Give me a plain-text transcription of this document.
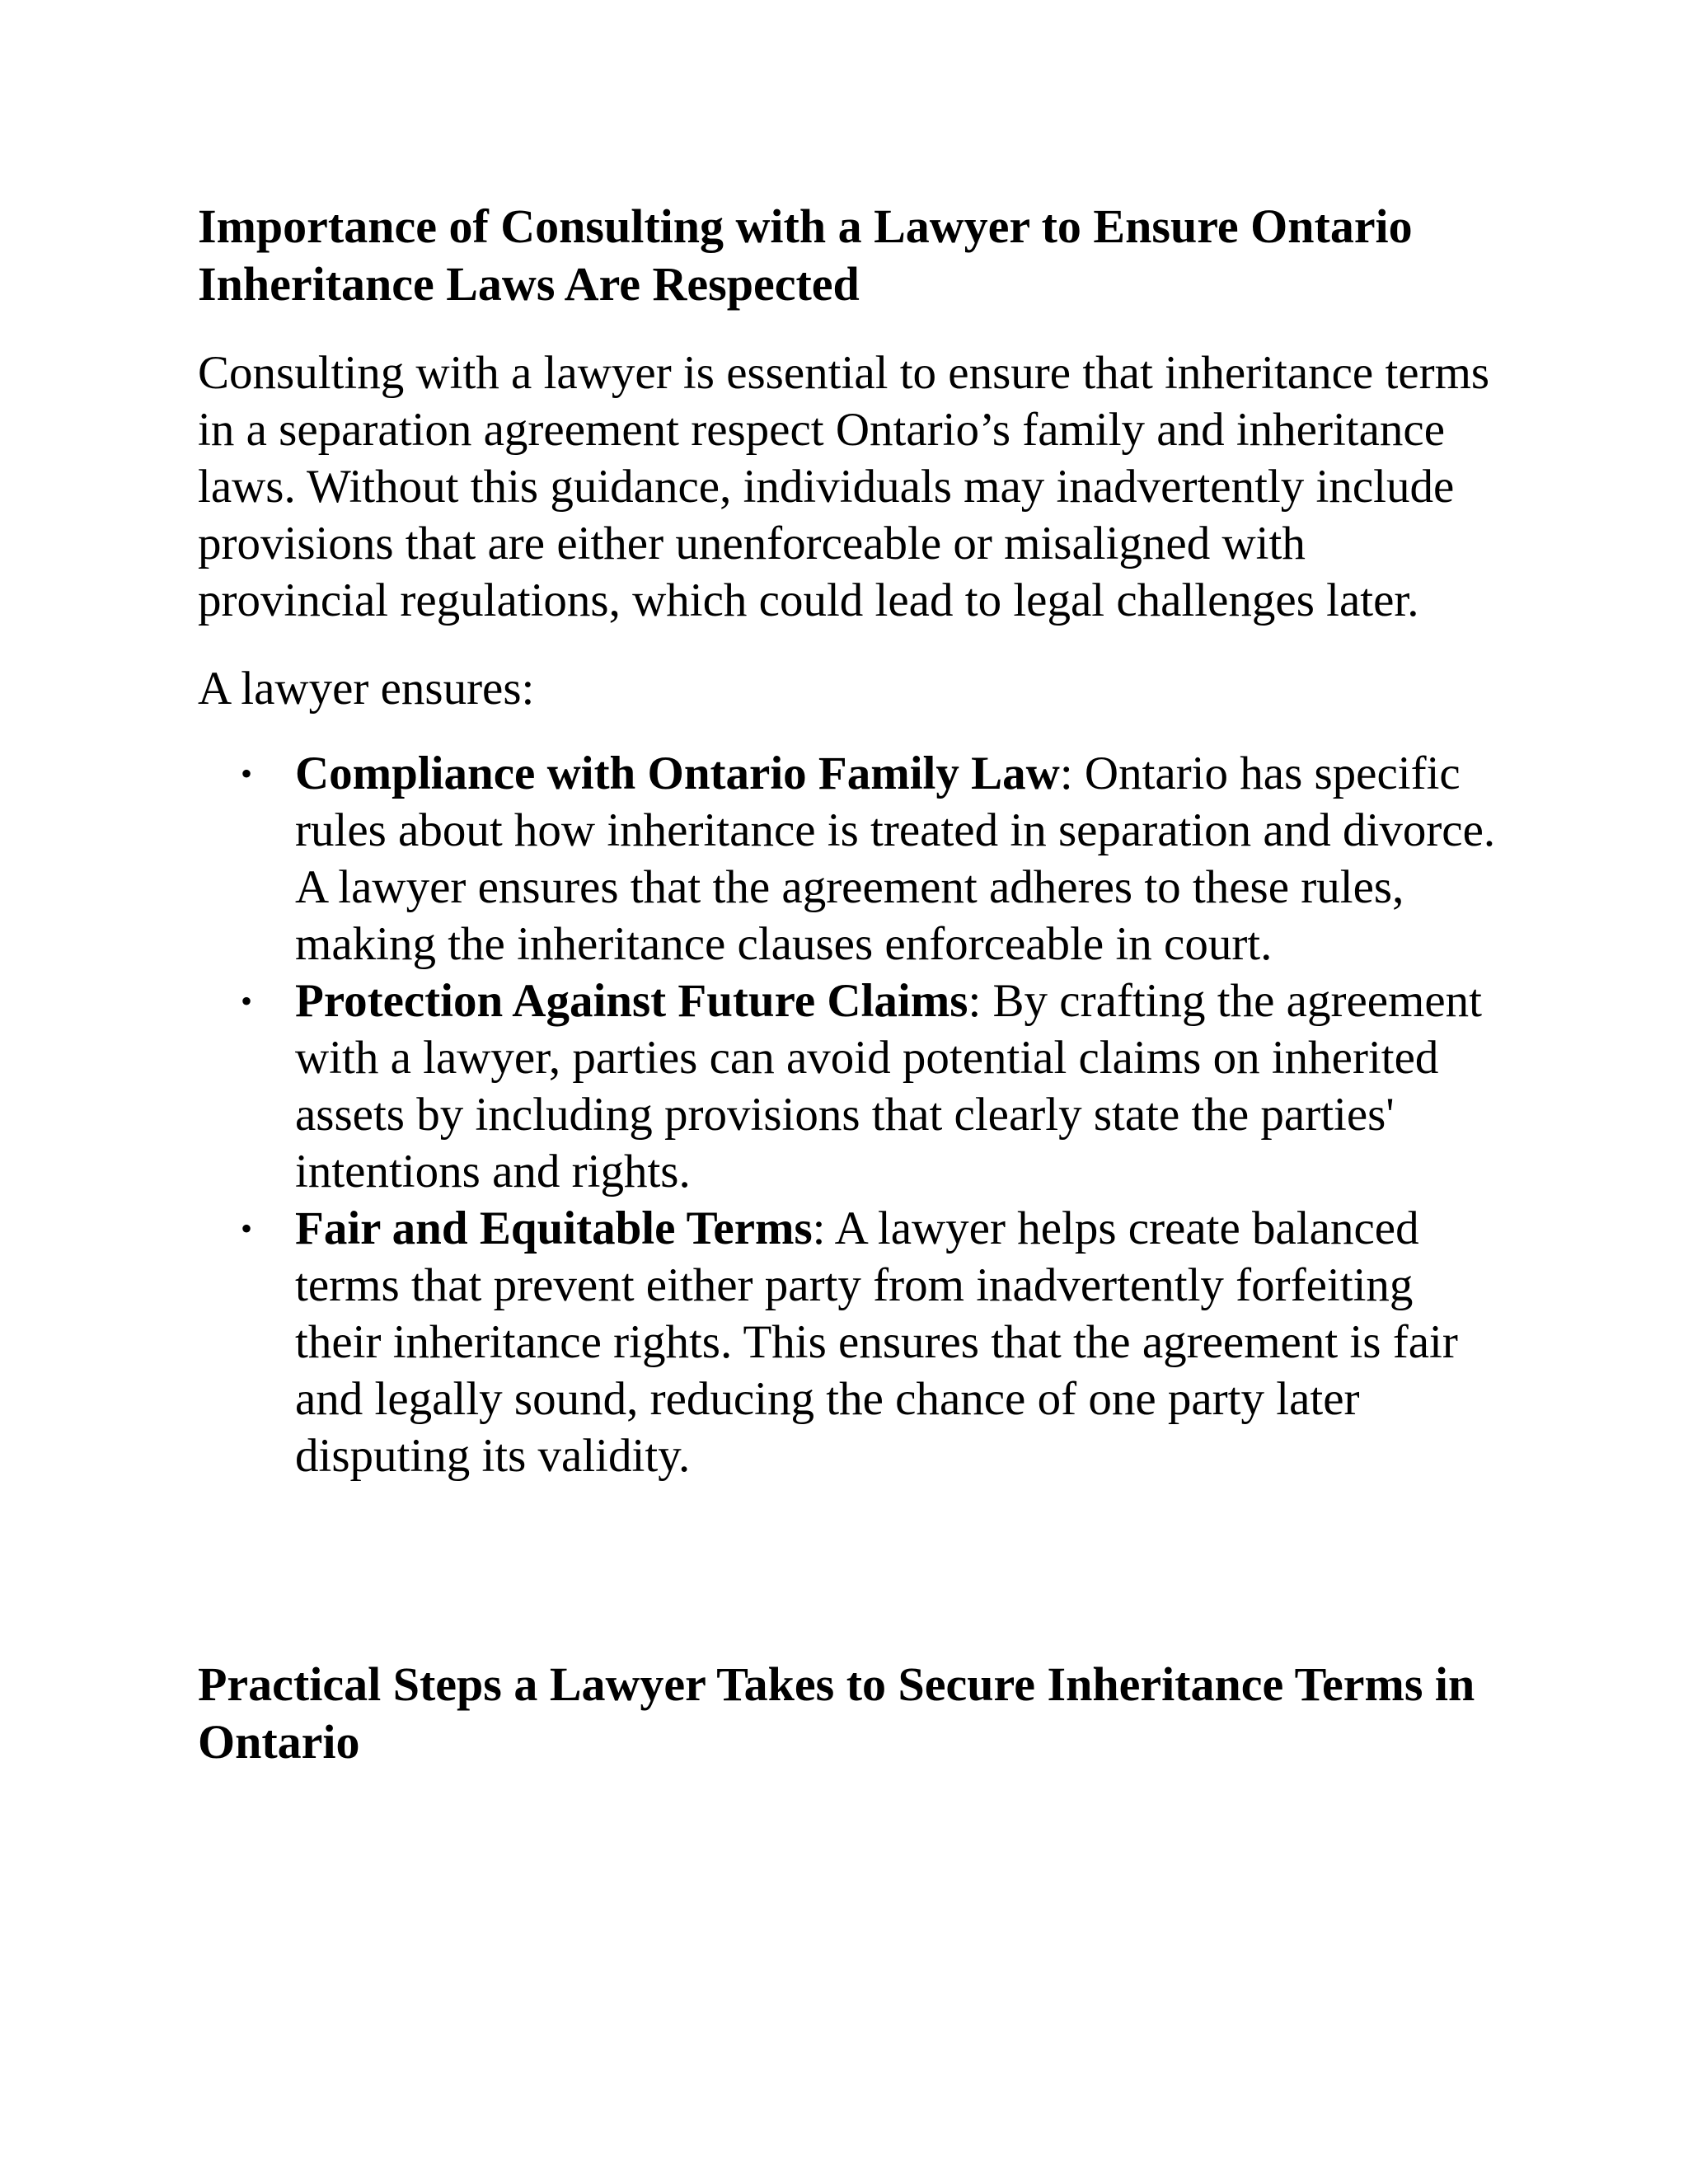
Importance of Consulting with a Lawyer to Ensure Ontario Inheritance Laws Are Respected

Consulting with a lawyer is essential to ensure that inheritance terms in a separation agreement respect Ontario’s family and inheritance laws. Without this guidance, individuals may inadvertently include provisions that are either unenforceable or misaligned with provincial regulations, which could lead to legal challenges later.

A lawyer ensures:

• Compliance with Ontario Family Law: Ontario has specific rules about how inheritance is treated in separation and divorce. A lawyer ensures that the agreement adheres to these rules, making the inheritance clauses enforceable in court.
• Protection Against Future Claims: By crafting the agreement with a lawyer, parties can avoid potential claims on inherited assets by including provisions that clearly state the parties' intentions and rights.
• Fair and Equitable Terms: A lawyer helps create balanced terms that prevent either party from inadvertently forfeiting their inheritance rights. This ensures that the agreement is fair and legally sound, reducing the chance of one party later disputing its validity.
Practical Steps a Lawyer Takes to Secure Inheritance Terms in Ontario
